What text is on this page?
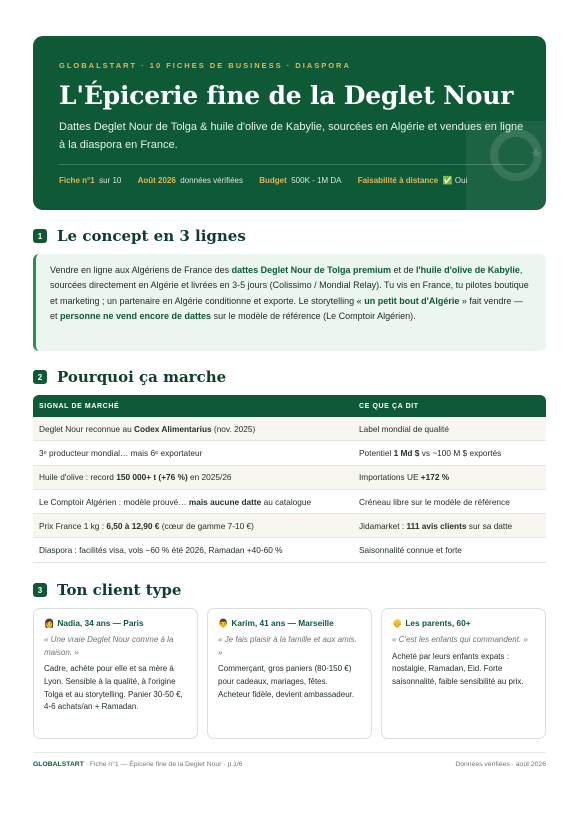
GLOBALSTART · 10 FICHES DE BUSINESS · DIASPORA
L'Épicerie fine de la Deglet Nour
Dattes Deglet Nour de Tolga & huile d'olive de Kabylie, sourcées en Algérie et vendues en ligne à la diaspora en France.
Fiche n°1 sur 10 Août 2026 données vérifiées Budget 500K - 1M DA Faisabilité à distance ✅ Oui
1 Le concept en 3 lignes
Vendre en ligne aux Algériens de France des dattes Deglet Nour de Tolga premium et de l'huile d'olive de Kabylie, sourcées directement en Algérie et livrées en 3-5 jours (Colissimo / Mondial Relay). Tu vis en France, tu pilotes boutique et marketing ; un partenaire en Algérie conditionne et exporte. Le storytelling « un petit bout d'Algérie » fait vendre — et personne ne vend encore de dattes sur le modèle de référence (Le Comptoir Algérien).
2 Pourquoi ça marche
SIGNAL DE MARCHÉ	CE QUE ÇA DIT
Deglet Nour reconnue au Codex Alimentarius (nov. 2025)	Label mondial de qualité
3ᵉ producteur mondial… mais 6ᵉ exportateur	Potentiel 1 Md $ vs ~100 M $ exportés
Huile d'olive : record 150 000+ t (+76 %) en 2025/26	Importations UE +172 %
Le Comptoir Algérien : modèle prouvé… mais aucune datte au catalogue	Créneau libre sur le modèle de référence
Prix France 1 kg : 6,50 à 12,90 € (cœur de gamme 7-10 €)	Jidamarket : 111 avis clients sur sa datte
Diaspora : facilités visa, vols −60 % été 2026, Ramadan +40-60 %	Saisonnalité connue et forte
3 Ton client type
👩 Nadia, 34 ans — Paris
« Une vraie Deglet Nour comme à la maison. »
Cadre, achète pour elle et sa mère à Lyon. Sensible à la qualité, à l'origine Tolga et au storytelling. Panier 30-50 €, 4-6 achats/an + Ramadan.
👨 Karim, 41 ans — Marseille
« Je fais plaisir à la famille et aux amis. »
Commerçant, gros paniers (80-150 €) pour cadeaux, mariages, fêtes. Acheteur fidèle, devient ambassadeur.
👴 Les parents, 60+
« C'est les enfants qui commandent. »
Acheté par leurs enfants expats : nostalgie, Ramadan, Eid. Forte saisonnalité, faible sensibilité au prix.
GLOBALSTART · Fiche n°1 — Épicerie fine de la Deglet Nour · p.1/6	Données vérifiées · août 2026
